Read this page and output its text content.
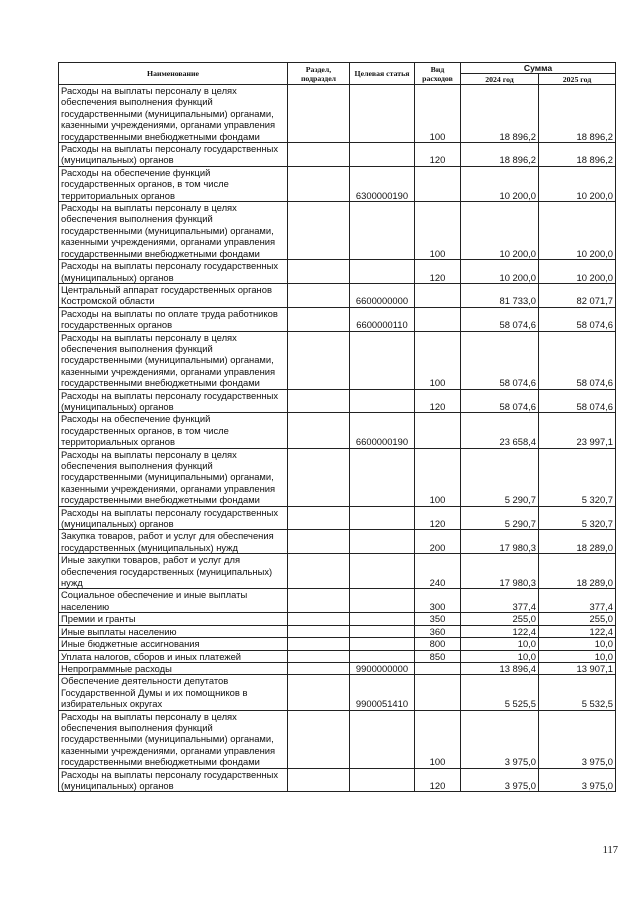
Наименование	Раздел, подраздел	Целевая статья	Вид расходов	Сумма	
				2024 год	2025 год
Расходы на выплаты персоналу в целях обеспечения выполнения функций государственными (муниципальными) органами, казенными учреждениями, органами управления государственными внебюджетными фондами			100	18 896,2	18 896,2
Расходы на выплаты персоналу государственных (муниципальных) органов			120	18 896,2	18 896,2
Расходы на обеспечение функций государственных органов, в том числе территориальных органов		6300000190		10 200,0	10 200,0
Расходы на выплаты персоналу в целях обеспечения выполнения функций государственными (муниципальными) органами, казенными учреждениями, органами управления государственными внебюджетными фондами			100	10 200,0	10 200,0
Расходы на выплаты персоналу государственных (муниципальных) органов			120	10 200,0	10 200,0
Центральный аппарат государственных органов Костромской области		6600000000		81 733,0	82 071,7
Расходы на выплаты по оплате труда работников государственных органов		6600000110		58 074,6	58 074,6
Расходы на выплаты персоналу в целях обеспечения выполнения функций государственными (муниципальными) органами, казенными учреждениями, органами управления государственными внебюджетными фондами			100	58 074,6	58 074,6
Расходы на выплаты персоналу государственных (муниципальных) органов			120	58 074,6	58 074,6
Расходы на обеспечение функций государственных органов, в том числе территориальных органов		6600000190		23 658,4	23 997,1
Расходы на выплаты персоналу в целях обеспечения выполнения функций государственными (муниципальными) органами, казенными учреждениями, органами управления государственными внебюджетными фондами			100	5 290,7	5 320,7
Расходы на выплаты персоналу государственных (муниципальных) органов			120	5 290,7	5 320,7
Закупка товаров, работ и услуг для обеспечения государственных (муниципальных) нужд			200	17 980,3	18 289,0
Иные закупки товаров, работ и услуг для обеспечения государственных (муниципальных) нужд			240	17 980,3	18 289,0
Социальное обеспечение и иные выплаты населению			300	377,4	377,4
Премии и гранты			350	255,0	255,0
Иные выплаты населению			360	122,4	122,4
Иные бюджетные ассигнования			800	10,0	10,0
Уплата налогов, сборов и иных платежей			850	10,0	10,0
Непрограммные расходы		9900000000		13 896,4	13 907,1
Обеспечение деятельности депутатов Государственной Думы и их помощников в избирательных округах		9900051410		5 525,5	5 532,5
Расходы на выплаты персоналу в целях обеспечения выполнения функций государственными (муниципальными) органами, казенными учреждениями, органами управления государственными внебюджетными фондами			100	3 975,0	3 975,0
Расходы на выплаты персоналу государственных (муниципальных) органов			120	3 975,0	3 975,0
117
